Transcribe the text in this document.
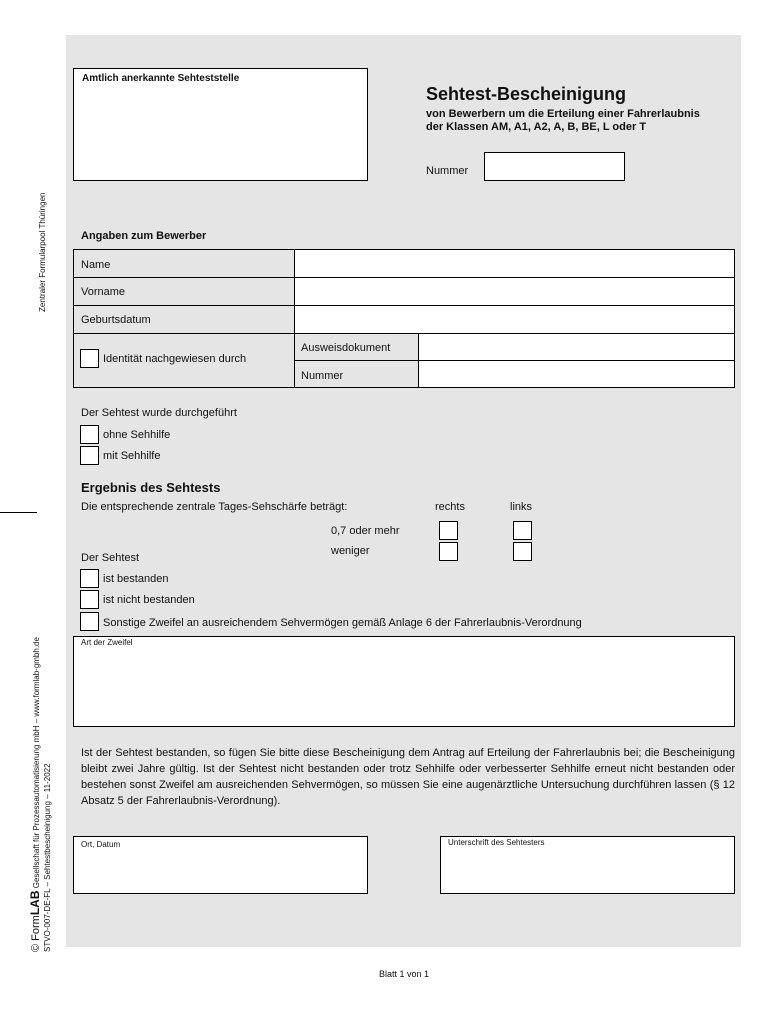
Zentraler Formularpool Thüringen
© FormLAB Gesellschaft für Prozessautomatisierung mbH – www.formlab-gmbh.de STVO-007-DE-FL – Sehtestbescheinigung – 11-2022
Amtlich anerkannte Sehteststelle
Sehtest-Bescheinigung
von Bewerbern um die Erteilung einer Fahrerlaubnis
der Klassen AM, A1, A2, A, B, BE, L oder T
Nummer
Angaben zum Bewerber
Name
Vorname
Geburtsdatum
Identität nachgewiesen durch
Ausweisdokument
Nummer
Der Sehtest wurde durchgeführt
ohne Sehhilfe
mit Sehhilfe
Ergebnis des Sehtests
Die entsprechende zentrale Tages-Sehschärfe beträgt:	rechts	links
0,7 oder mehr
weniger
Der Sehtest
ist bestanden
ist nicht bestanden
Sonstige Zweifel an ausreichendem Sehvermögen gemäß Anlage 6 der Fahrerlaubnis-Verordnung
Art der Zweifel
Ist der Sehtest bestanden, so fügen Sie bitte diese Bescheinigung dem Antrag auf Erteilung der Fahrerlaubnis bei; die Bescheinigung bleibt zwei Jahre gültig. Ist der Sehtest nicht bestanden oder trotz Sehhilfe oder verbesserter Sehhilfe erneut nicht bestanden oder bestehen sonst Zweifel am ausreichenden Sehvermögen, so müssen Sie eine augenärztliche Untersuchung durchführen lassen (§ 12 Absatz 5 der Fahrerlaubnis-Verordnung).
Ort, Datum	Unterschrift des Sehtesters
Blatt 1 von 1
